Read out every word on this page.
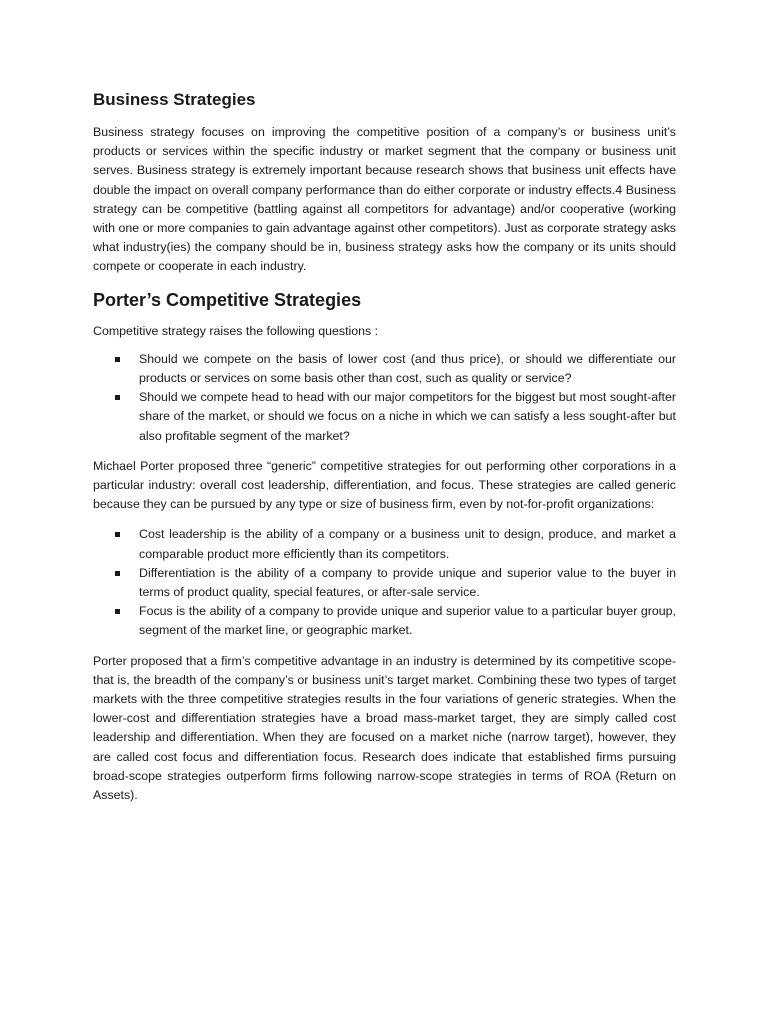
Business Strategies

Business strategy focuses on improving the competitive position of a company’s or business unit’s products or services within the specific industry or market segment that the company or business unit serves. Business strategy is extremely important because research shows that business unit effects have double the impact on overall company performance than do either corporate or industry effects.4 Business strategy can be competitive (battling against all competitors for advantage) and/or cooperative (working with one or more companies to gain advantage against other competitors). Just as corporate strategy asks what industry(ies) the company should be in, business strategy asks how the company or its units should compete or cooperate in each industry.

Porter’s Competitive Strategies

Competitive strategy raises the following questions :

Should we compete on the basis of lower cost (and thus price), or should we differentiate our products or services on some basis other than cost, such as quality or service?
Should we compete head to head with our major competitors for the biggest but most sought-after share of the market, or should we focus on a niche in which we can satisfy a less sought-after but also profitable segment of the market?

Michael Porter proposed three “generic” competitive strategies for out performing other corporations in a particular industry: overall cost leadership, differentiation, and focus. These strategies are called generic because they can be pursued by any type or size of business firm, even by not-for-profit organizations:

Cost leadership is the ability of a company or a business unit to design, produce, and market a comparable product more efficiently than its competitors.
Differentiation is the ability of a company to provide unique and superior value to the buyer in terms of product quality, special features, or after-sale service.
Focus is the ability of a company to provide unique and superior value to a particular buyer group, segment of the market line, or geographic market.

Porter proposed that a firm’s competitive advantage in an industry is determined by its competitive scope-that is, the breadth of the company’s or business unit’s target market. Combining these two types of target markets with the three competitive strategies results in the four variations of generic strategies. When the lower-cost and differentiation strategies have a broad mass-market target, they are simply called cost leadership and differentiation. When they are focused on a market niche (narrow target), however, they are called cost focus and differentiation focus. Research does indicate that established firms pursuing broad-scope strategies outperform firms following narrow-scope strategies in terms of ROA (Return on Assets).
